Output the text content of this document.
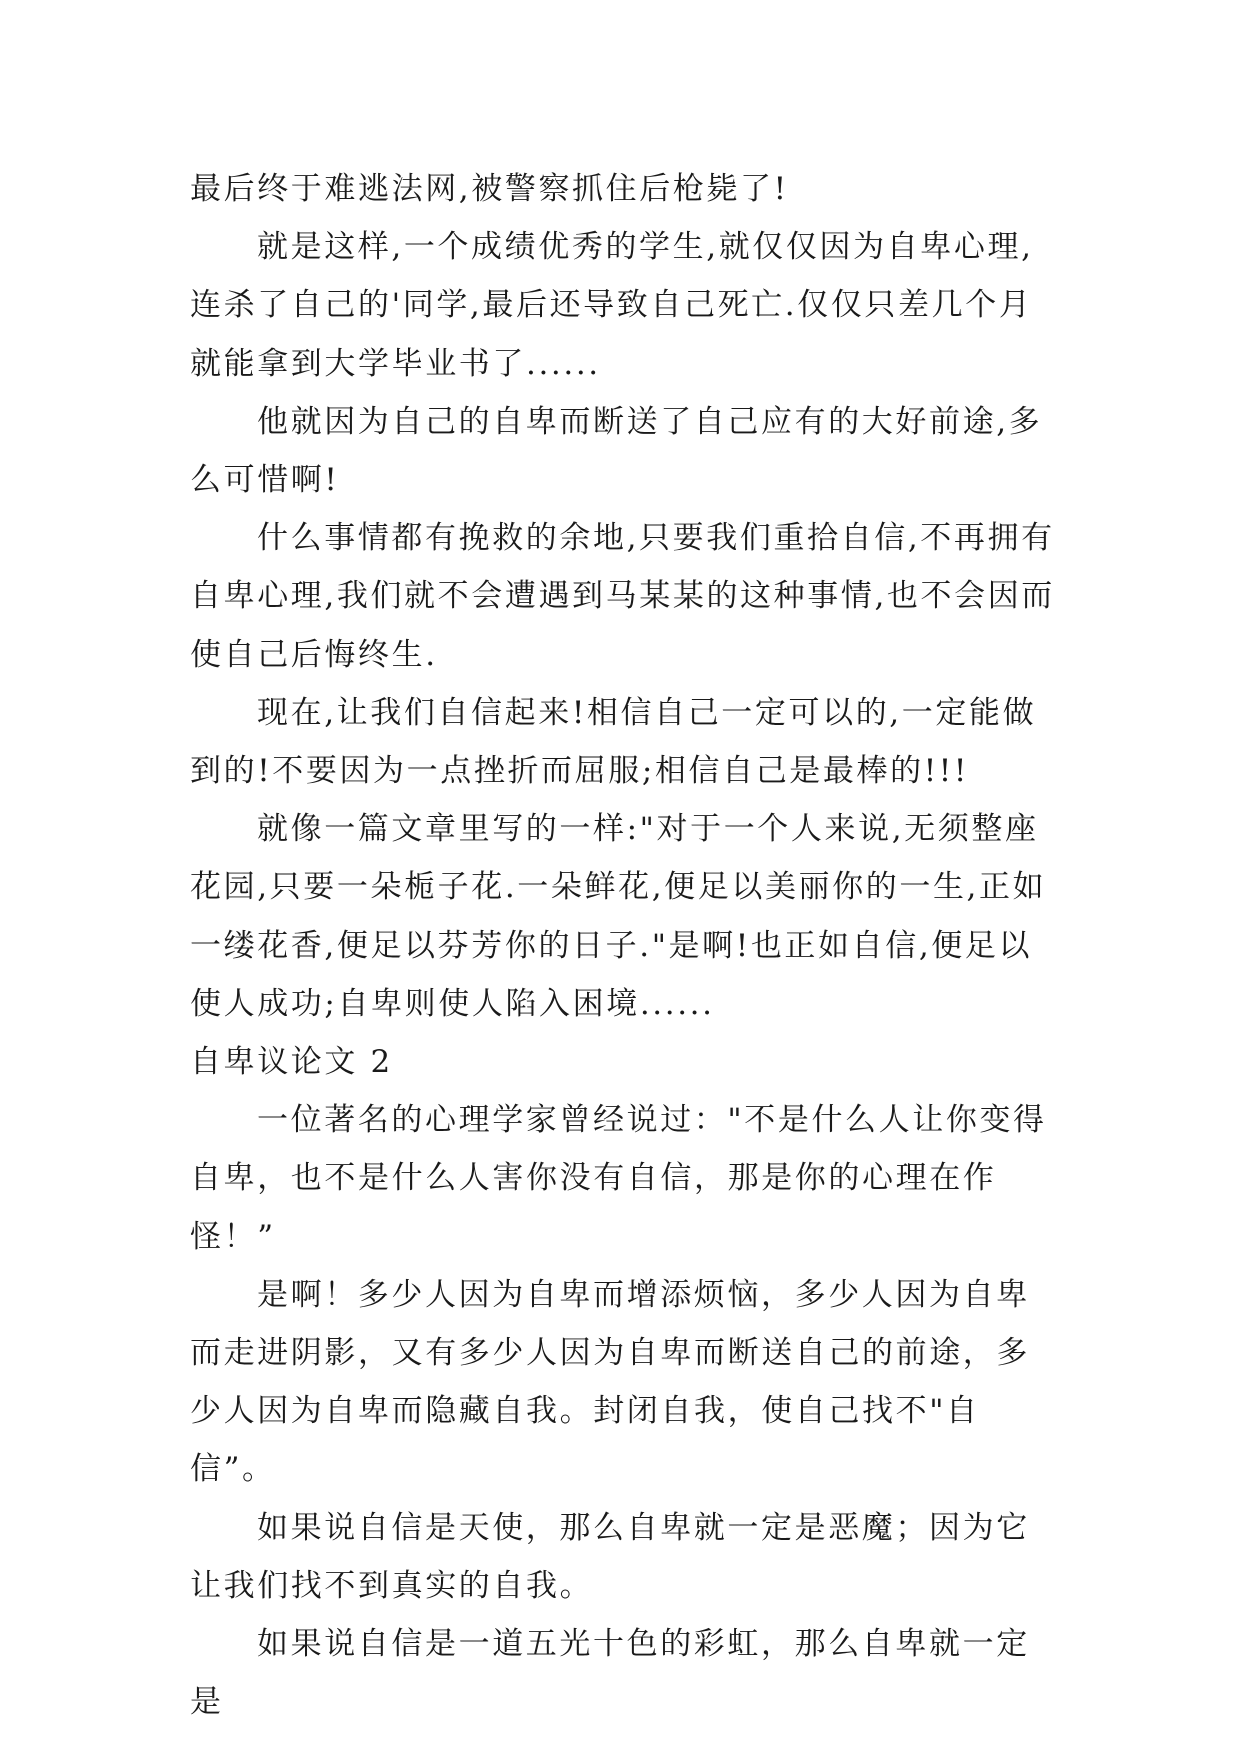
最后终于难逃法网,被警察抓住后枪毙了!

就是这样,一个成绩优秀的学生,就仅仅因为自卑心理,连杀了自己的'同学,最后还导致自己死亡.仅仅只差几个月就能拿到大学毕业书了......

他就因为自己的自卑而断送了自己应有的大好前途,多么可惜啊!

什么事情都有挽救的余地,只要我们重拾自信,不再拥有自卑心理,我们就不会遭遇到马某某的这种事情,也不会因而使自己后悔终生.

现在,让我们自信起来!相信自己一定可以的,一定能做到的!不要因为一点挫折而屈服;相信自己是最棒的!!!

就像一篇文章里写的一样:"对于一个人来说,无须整座花园,只要一朵栀子花.一朵鲜花,便足以美丽你的一生,正如一缕花香,便足以芬芳你的日子."是啊!也正如自信,便足以使人成功;自卑则使人陷入困境......

自卑议论文 2

一位著名的心理学家曾经说过："不是什么人让你变得自卑，也不是什么人害你没有自信，那是你的心理在作怪！”

是啊！多少人因为自卑而增添烦恼，多少人因为自卑而走进阴影，又有多少人因为自卑而断送自己的前途，多少人因为自卑而隐藏自我。封闭自我，使自己找不"自信”。

如果说自信是天使，那么自卑就一定是恶魔；因为它让我们找不到真实的自我。

如果说自信是一道五光十色的彩虹，那么自卑就一定是
